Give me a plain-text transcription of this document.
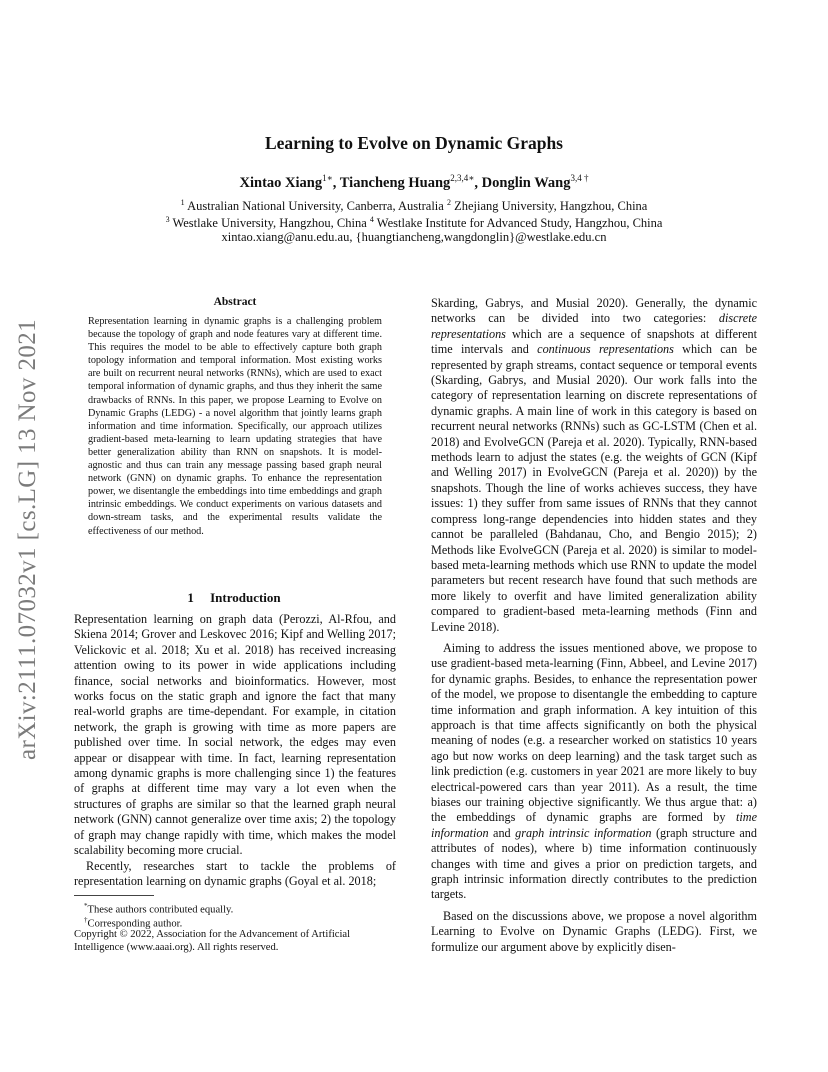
arXiv:2111.07032v1 [cs.LG] 13 Nov 2021
Learning to Evolve on Dynamic Graphs
Xintao Xiang$^{1∗}$, Tiancheng Huang$^{2,3,4∗}$, Donglin Wang$^{3,4 \dagger}$
$^1$ Australian National University, Canberra, Australia $^2$ Zhejiang University, Hangzhou, China
$^3$ Westlake University, Hangzhou, China $^4$ Westlake Institute for Advanced Study, Hangzhou, China
xintao.xiang@anu.edu.au, {huangtiancheng,wangdonglin}@westlake.edu.cn
Abstract

Representation learning in dynamic graphs is a challenging problem because the topology of graph and node features vary at different time. This requires the model to be able to effectively capture both graph topology information and temporal information. Most existing works are built on recurrent neural networks (RNNs), which are used to exact temporal information of dynamic graphs, and thus they inherit the same drawbacks of RNNs. In this paper, we propose Learning to Evolve on Dynamic Graphs (LEDG) - a novel algorithm that jointly learns graph information and time information. Specifically, our approach utilizes gradient-based meta-learning to learn updating strategies that have better generalization ability than RNN on snapshots. It is model-agnostic and thus can train any message passing based graph neural network (GNN) on dynamic graphs. To enhance the representation power, we disentangle the embeddings into time embeddings and graph intrinsic embeddings. We conduct experiments on various datasets and down-stream tasks, and the experimental results validate the effectiveness of our method.

1     Introduction

Representation learning on graph data (Perozzi, Al-Rfou, and Skiena 2014; Grover and Leskovec 2016; Kipf and Welling 2017; Velickovic et al. 2018; Xu et al. 2018) has received increasing attention owing to its power in wide applications including finance, social networks and bioinformatics. However, most works focus on the static graph and ignore the fact that many real-world graphs are time-dependant. For example, in citation network, the graph is growing with time as more papers are published over time. In social network, the edges may even appear or disappear with time. In fact, learning representation among dynamic graphs is more challenging since 1) the features of graphs at different time may vary a lot even when the structures of graphs are similar so that the learned graph neural network (GNN) cannot generalize over time axis; 2) the topology of graph may change rapidly with time, which makes the model scalability becoming more crucial.

Recently, researches start to tackle the problems of representation learning on dynamic graphs (Goyal et al. 2018;

*These authors contributed equally.
†Corresponding author.
Copyright © 2022, Association for the Advancement of Artificial Intelligence (www.aaai.org). All rights reserved.

Skarding, Gabrys, and Musial 2020). Generally, the dynamic networks can be divided into two categories: discrete representations which are a sequence of snapshots at different time intervals and continuous representations which can be represented by graph streams, contact sequence or temporal events (Skarding, Gabrys, and Musial 2020). Our work falls into the category of representation learning on discrete representations of dynamic graphs. A main line of work in this category is based on recurrent neural networks (RNNs) such as GC-LSTM (Chen et al. 2018) and EvolveGCN (Pareja et al. 2020). Typically, RNN-based methods learn to adjust the states (e.g. the weights of GCN (Kipf and Welling 2017) in EvolveGCN (Pareja et al. 2020)) by the snapshots. Though the line of works achieves success, they have issues: 1) they suffer from same issues of RNNs that they cannot compress long-range dependencies into hidden states and they cannot be paralleled (Bahdanau, Cho, and Bengio 2015); 2) Methods like EvolveGCN (Pareja et al. 2020) is similar to model-based meta-learning methods which use RNN to update the model parameters but recent research have found that such methods are more likely to overfit and have limited generalization ability compared to gradient-based meta-learning methods (Finn and Levine 2018).

Aiming to address the issues mentioned above, we propose to use gradient-based meta-learning (Finn, Abbeel, and Levine 2017) for dynamic graphs. Besides, to enhance the representation power of the model, we propose to disentangle the embedding to capture time information and graph information. A key intuition of this approach is that time affects significantly on both the physical meaning of nodes (e.g. a researcher worked on statistics 10 years ago but now works on deep learning) and the task target such as link prediction (e.g. customers in year 2021 are more likely to buy electrical-powered cars than year 2011). As a result, the time biases our training objective significantly. We thus argue that: a) the embeddings of dynamic graphs are formed by time information and graph intrinsic information (graph structure and attributes of nodes), where b) time information continuously changes with time and gives a prior on prediction targets, and graph intrinsic information directly contributes to the prediction targets.

Based on the discussions above, we propose a novel algorithm Learning to Evolve on Dynamic Graphs (LEDG). First, we formulize our argument above by explicitly disen-
